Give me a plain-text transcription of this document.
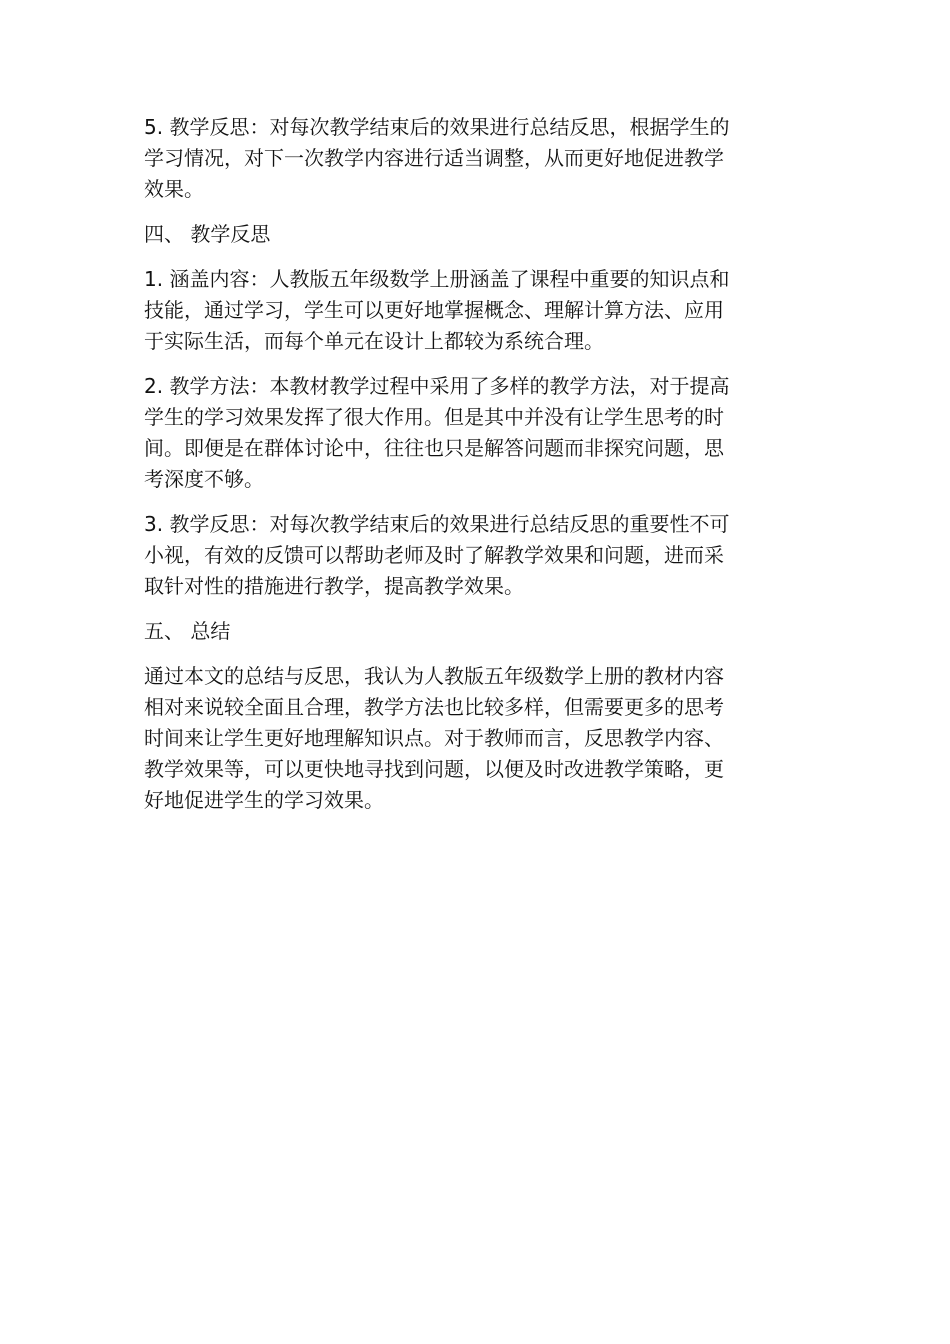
5. 教学反思：对每次教学结束后的效果进行总结反思，根据学生的
学习情况，对下一次教学内容进行适当调整，从而更好地促进教学
效果。
四、 教学反思
1. 涵盖内容：人教版五年级数学上册涵盖了课程中重要的知识点和
技能，通过学习，学生可以更好地掌握概念、理解计算方法、应用
于实际生活，而每个单元在设计上都较为系统合理。
2. 教学方法：本教材教学过程中采用了多样的教学方法，对于提高
学生的学习效果发挥了很大作用。但是其中并没有让学生思考的时
间。即便是在群体讨论中，往往也只是解答问题而非探究问题，思
考深度不够。
3. 教学反思：对每次教学结束后的效果进行总结反思的重要性不可
小视，有效的反馈可以帮助老师及时了解教学效果和问题，进而采
取针对性的措施进行教学，提高教学效果。
五、 总结
通过本文的总结与反思，我认为人教版五年级数学上册的教材内容
相对来说较全面且合理，教学方法也比较多样，但需要更多的思考
时间来让学生更好地理解知识点。对于教师而言，反思教学内容、
教学效果等，可以更快地寻找到问题，以便及时改进教学策略，更
好地促进学生的学习效果。
